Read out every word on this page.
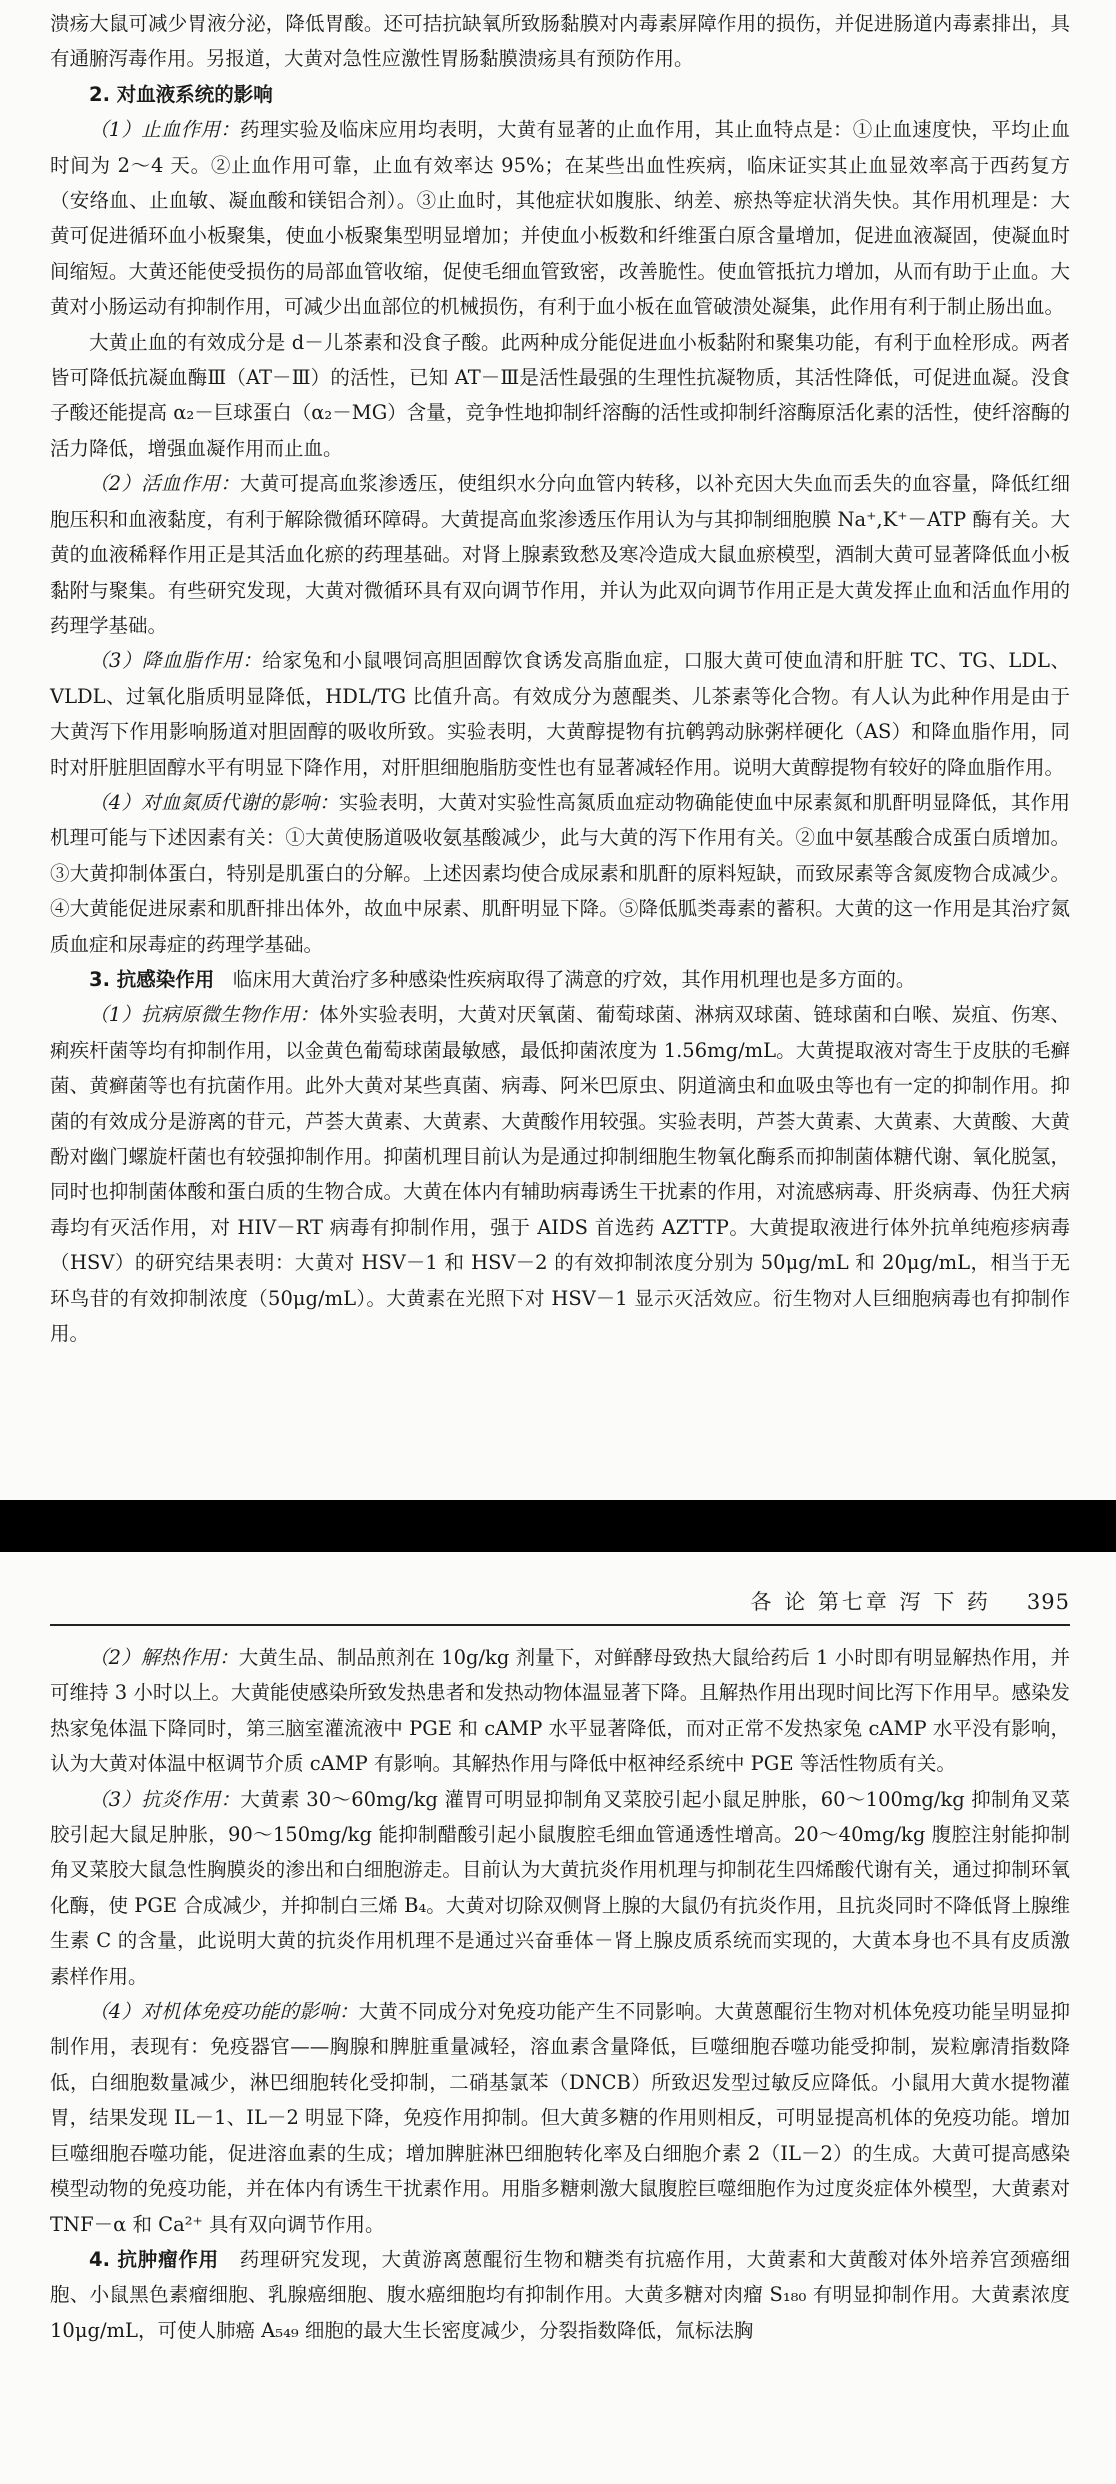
溃疡大鼠可减少胃液分泌，降低胃酸。还可拮抗缺氧所致肠黏膜对内毒素屏障作用的损伤，并促进肠道内毒素排出，具有通腑泻毒作用。另报道，大黄对急性应激性胃肠黏膜溃疡具有预防作用。

2. 对血液系统的影响

（1）止血作用：药理实验及临床应用均表明，大黄有显著的止血作用，其止血特点是：①止血速度快，平均止血时间为 2～4 天。②止血作用可靠，止血有效率达 95%；在某些出血性疾病，临床证实其止血显效率高于西药复方（安络血、止血敏、凝血酸和镁铝合剂）。③止血时，其他症状如腹胀、纳差、瘀热等症状消失快。其作用机理是：大黄可促进循环血小板聚集，使血小板聚集型明显增加；并使血小板数和纤维蛋白原含量增加，促进血液凝固，使凝血时间缩短。大黄还能使受损伤的局部血管收缩，促使毛细血管致密，改善脆性。使血管抵抗力增加，从而有助于止血。大黄对小肠运动有抑制作用，可减少出血部位的机械损伤，有利于血小板在血管破溃处凝集，此作用有利于制止肠出血。

大黄止血的有效成分是 d－儿茶素和没食子酸。此两种成分能促进血小板黏附和聚集功能，有利于血栓形成。两者皆可降低抗凝血酶Ⅲ（AT－Ⅲ）的活性，已知 AT－Ⅲ是活性最强的生理性抗凝物质，其活性降低，可促进血凝。没食子酸还能提高 α₂－巨球蛋白（α₂－MG）含量，竞争性地抑制纤溶酶的活性或抑制纤溶酶原活化素的活性，使纤溶酶的活力降低，增强血凝作用而止血。

（2）活血作用：大黄可提高血浆渗透压，使组织水分向血管内转移，以补充因大失血而丢失的血容量，降低红细胞压积和血液黏度，有利于解除微循环障碍。大黄提高血浆渗透压作用认为与其抑制细胞膜 Na⁺,K⁺－ATP 酶有关。大黄的血液稀释作用正是其活血化瘀的药理基础。对肾上腺素致愁及寒冷造成大鼠血瘀模型，酒制大黄可显著降低血小板黏附与聚集。有些研究发现，大黄对微循环具有双向调节作用，并认为此双向调节作用正是大黄发挥止血和活血作用的药理学基础。

（3）降血脂作用：给家兔和小鼠喂饲高胆固醇饮食诱发高脂血症，口服大黄可使血清和肝脏 TC、TG、LDL、VLDL、过氧化脂质明显降低，HDL/TG 比值升高。有效成分为蒽醌类、儿茶素等化合物。有人认为此种作用是由于大黄泻下作用影响肠道对胆固醇的吸收所致。实验表明，大黄醇提物有抗鹌鹑动脉粥样硬化（AS）和降血脂作用，同时对肝脏胆固醇水平有明显下降作用，对肝胆细胞脂肪变性也有显著减轻作用。说明大黄醇提物有较好的降血脂作用。

（4）对血氮质代谢的影响：实验表明，大黄对实验性高氮质血症动物确能使血中尿素氮和肌酐明显降低，其作用机理可能与下述因素有关：①大黄使肠道吸收氨基酸减少，此与大黄的泻下作用有关。②血中氨基酸合成蛋白质增加。③大黄抑制体蛋白，特别是肌蛋白的分解。上述因素均使合成尿素和肌酐的原料短缺，而致尿素等含氮废物合成减少。④大黄能促进尿素和肌酐排出体外，故血中尿素、肌酐明显下降。⑤降低胍类毒素的蓄积。大黄的这一作用是其治疗氮质血症和尿毒症的药理学基础。

3. 抗感染作用 临床用大黄治疗多种感染性疾病取得了满意的疗效，其作用机理也是多方面的。

（1）抗病原微生物作用：体外实验表明，大黄对厌氧菌、葡萄球菌、淋病双球菌、链球菌和白喉、炭疽、伤寒、痢疾杆菌等均有抑制作用，以金黄色葡萄球菌最敏感，最低抑菌浓度为 1.56mg/mL。大黄提取液对寄生于皮肤的毛癣菌、黄癣菌等也有抗菌作用。此外大黄对某些真菌、病毒、阿米巴原虫、阴道滴虫和血吸虫等也有一定的抑制作用。抑菌的有效成分是游离的苷元，芦荟大黄素、大黄素、大黄酸作用较强。实验表明，芦荟大黄素、大黄素、大黄酸、大黄酚对幽门螺旋杆菌也有较强抑制作用。抑菌机理目前认为是通过抑制细胞生物氧化酶系而抑制菌体糖代谢、氧化脱氢，同时也抑制菌体酸和蛋白质的生物合成。大黄在体内有辅助病毒诱生干扰素的作用，对流感病毒、肝炎病毒、伪狂犬病毒均有灭活作用，对 HIV－RT 病毒有抑制作用，强于 AIDS 首选药 AZTTP。大黄提取液进行体外抗单纯疱疹病毒（HSV）的研究结果表明：大黄对 HSV－1 和 HSV－2 的有效抑制浓度分别为 50μg/mL 和 20μg/mL，相当于无环鸟苷的有效抑制浓度（50μg/mL）。大黄素在光照下对 HSV－1 显示灭活效应。衍生物对人巨细胞病毒也有抑制作用。

各 论 第七章 泻 下 药 395

（2）解热作用：大黄生品、制品煎剂在 10g/kg 剂量下，对鲜酵母致热大鼠给药后 1 小时即有明显解热作用，并可维持 3 小时以上。大黄能使感染所致发热患者和发热动物体温显著下降。且解热作用出现时间比泻下作用早。感染发热家兔体温下降同时，第三脑室灌流液中 PGE 和 cAMP 水平显著降低，而对正常不发热家兔 cAMP 水平没有影响，认为大黄对体温中枢调节介质 cAMP 有影响。其解热作用与降低中枢神经系统中 PGE 等活性物质有关。

（3）抗炎作用：大黄素 30～60mg/kg 灌胃可明显抑制角叉菜胶引起小鼠足肿胀，60～100mg/kg 抑制角叉菜胶引起大鼠足肿胀，90～150mg/kg 能抑制醋酸引起小鼠腹腔毛细血管通透性增高。20～40mg/kg 腹腔注射能抑制角叉菜胶大鼠急性胸膜炎的渗出和白细胞游走。目前认为大黄抗炎作用机理与抑制花生四烯酸代谢有关，通过抑制环氧化酶，使 PGE 合成减少，并抑制白三烯 B₄。大黄对切除双侧肾上腺的大鼠仍有抗炎作用，且抗炎同时不降低肾上腺维生素 C 的含量，此说明大黄的抗炎作用机理不是通过兴奋垂体－肾上腺皮质系统而实现的，大黄本身也不具有皮质激素样作用。

（4）对机体免疫功能的影响：大黄不同成分对免疫功能产生不同影响。大黄蒽醌衍生物对机体免疫功能呈明显抑制作用，表现有：免疫器官——胸腺和脾脏重量减轻，溶血素含量降低，巨噬细胞吞噬功能受抑制，炭粒廓清指数降低，白细胞数量减少，淋巴细胞转化受抑制，二硝基氯苯（DNCB）所致迟发型过敏反应降低。小鼠用大黄水提物灌胃，结果发现 IL－1、IL－2 明显下降，免疫作用抑制。但大黄多糖的作用则相反，可明显提高机体的免疫功能。增加巨噬细胞吞噬功能，促进溶血素的生成；增加脾脏淋巴细胞转化率及白细胞介素 2（IL－2）的生成。大黄可提高感染模型动物的免疫功能，并在体内有诱生干扰素作用。用脂多糖刺激大鼠腹腔巨噬细胞作为过度炎症体外模型，大黄素对 TNF－α 和 Ca²⁺ 具有双向调节作用。

4. 抗肿瘤作用 药理研究发现，大黄游离蒽醌衍生物和糖类有抗癌作用，大黄素和大黄酸对体外培养宫颈癌细胞、小鼠黑色素瘤细胞、乳腺癌细胞、腹水癌细胞均有抑制作用。大黄多糖对肉瘤 S₁₈₀ 有明显抑制作用。大黄素浓度 10μg/mL，可使人肺癌 A₅₄₉ 细胞的最大生长密度减少，分裂指数降低，氚标法胸
